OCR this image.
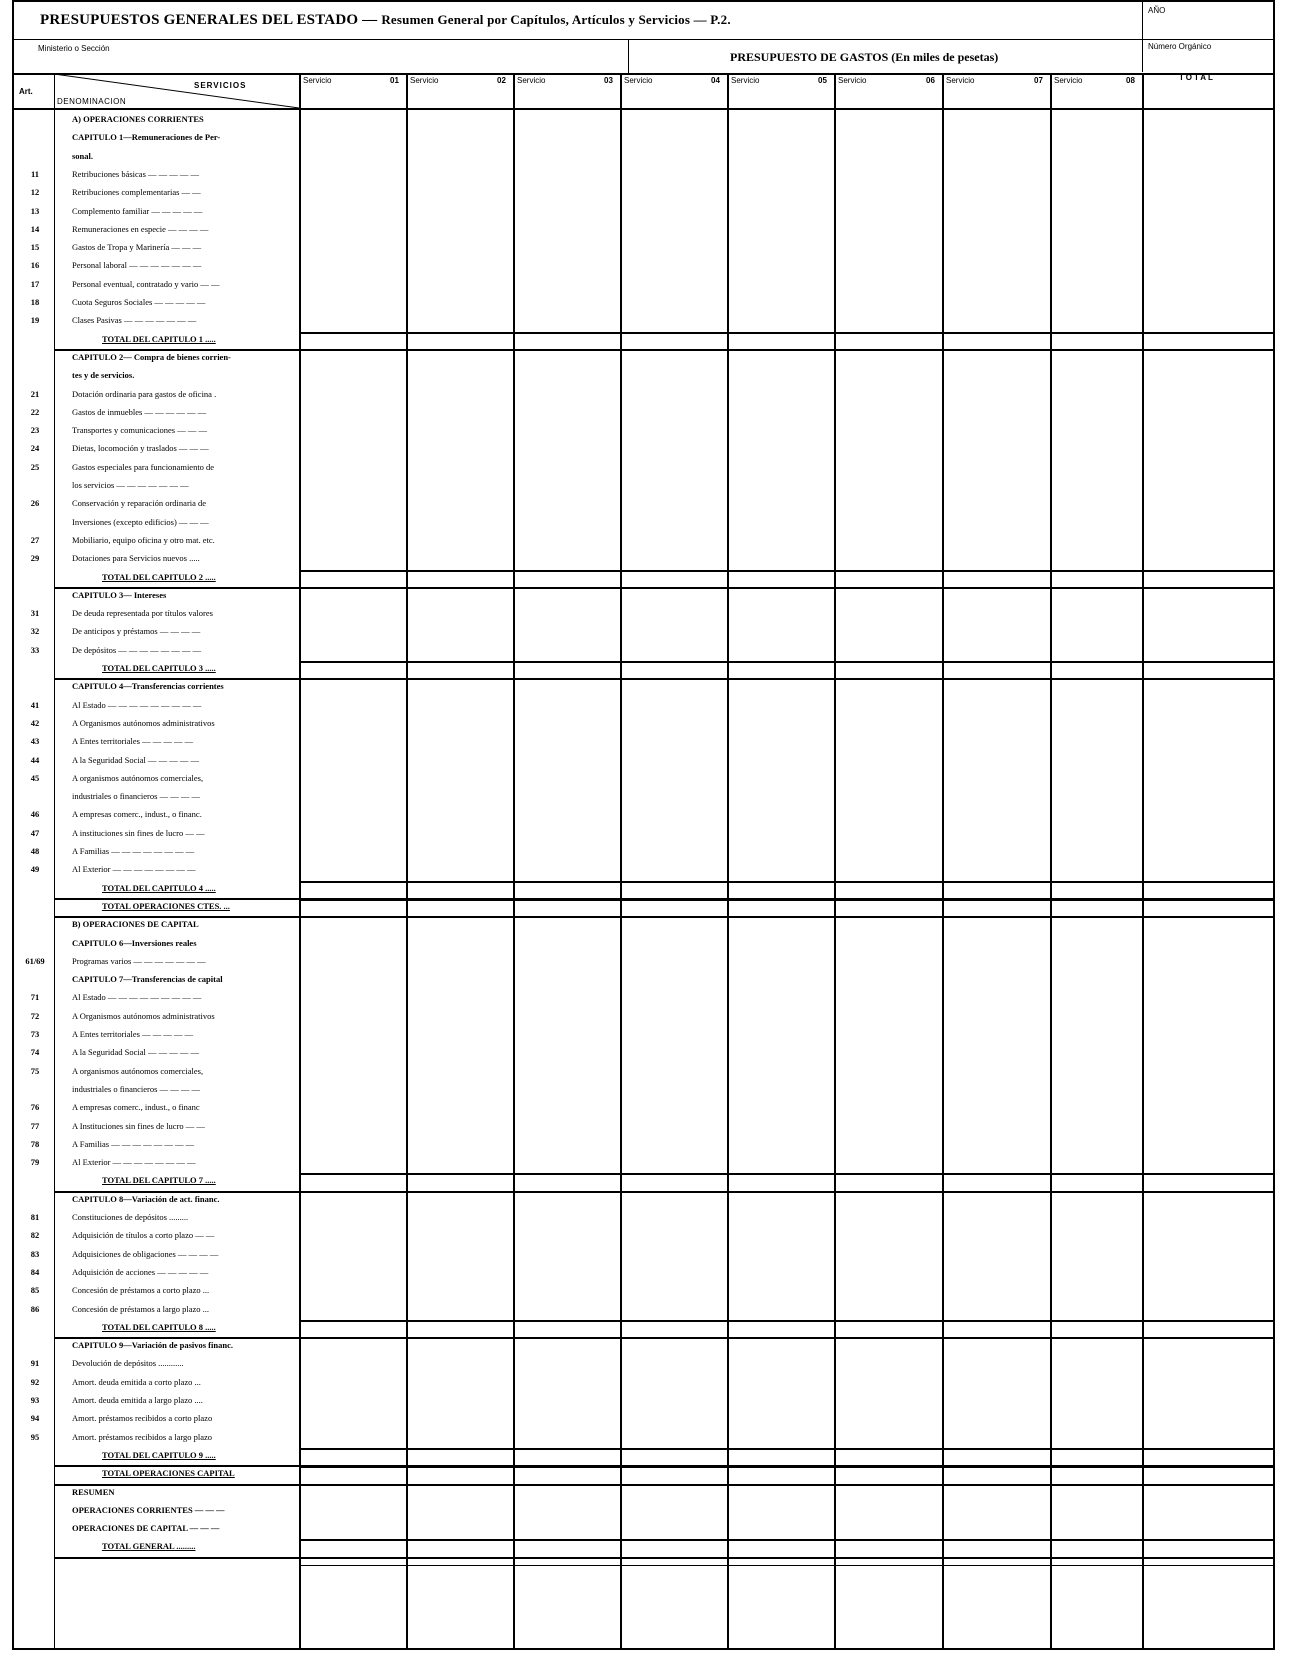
PRESUPUESTOS GENERALES DEL ESTADO — Resumen General por Capítulos, Artículos y Servicios — P.2.
AÑO
Ministerio o Sección
PRESUPUESTO DE GASTOS (En miles de pesetas)
Número Orgánico
Art.
SERVICIOS
DENOMINACION
TOTAL
A) OPERACIONES CORRIENTES
CAPITULO 1—Remuneraciones de Per-
sonal.
11	Retribuciones básicas — — — — —
12	Retribuciones complementarias — —
13	Complemento familiar — — — — —
14	Remuneraciones en especie — — — —
15	Gastos de Tropa y Marinería — — —
16	Personal laboral — — — — — — —
17	Personal eventual, contratado y vario — —
18	Cuota Seguros Sociales — — — — —
19	Clases Pasivas — — — — — — —
TOTAL DEL CAPITULO 1 .....
CAPITULO 2— Compra de bienes corrien-
tes y de servicios.
21	Dotación ordinaria para gastos de oficina .
22	Gastos de inmuebles — — — — — —
23	Transportes y comunicaciones — — —
24	Dietas, locomoción y traslados — — —
25	Gastos especiales para funcionamiento de
los servicios — — — — — — —
26	Conservación y reparación ordinaria de
Inversiones (excepto edificios) — — —
27	Mobiliario, equipo oficina y otro mat. etc.
29	Dotaciones para Servicios nuevos .....
TOTAL DEL CAPITULO 2 .....
CAPITULO 3— Intereses
31	De deuda representada por títulos valores
32	De anticipos y préstamos — — — —
33	De depósitos — — — — — — — —
TOTAL DEL CAPITULO 3 .....
CAPITULO 4—Transferencias corrientes
41	Al Estado — — — — — — — — —
42	A Organismos autónomos administrativos
43	A Entes territoriales — — — — —
44	A la Seguridad Social — — — — —
45	A organismos autónomos comerciales,
industriales o financieros — — — —
46	A empresas comerc., indust., o financ.
47	A instituciones sin fines de lucro — —
48	A Familias — — — — — — — —
49	Al Exterior — — — — — — — —
TOTAL DEL CAPITULO 4 .....
TOTAL OPERACIONES CTES. ...
B) OPERACIONES DE CAPITAL
CAPITULO 6—Inversiones reales
61/69	Programas varios — — — — — — —
CAPITULO 7—Transferencias de capital
71	Al Estado — — — — — — — — —
72	A Organismos autónomos administrativos
73	A Entes territoriales — — — — —
74	A la Seguridad Social — — — — —
75	A organismos autónomos comerciales,
industriales o financieros — — — —
76	A empresas comerc., indust., o financ
77	A Instituciones sin fines de lucro — —
78	A Familias — — — — — — — —
79	Al Exterior — — — — — — — —
TOTAL DEL CAPITULO 7 .....
CAPITULO 8—Variación de act. financ.
81	Constituciones de depósitos .........
82	Adquisición de títulos a corto plazo — —
83	Adquisiciones de obligaciones — — — —
84	Adquisición de acciones — — — — —
85	Concesión de préstamos a corto plazo ...
86	Concesión de préstamos a largo plazo ...
TOTAL DEL CAPITULO 8 .....
CAPITULO 9—Variación de pasivos financ.
91	Devolución de depósitos ............
92	Amort. deuda emitida a corto plazo ...
93	Amort. deuda emitida a largo plazo ....
94	Amort. préstamos recibidos a corto plazo
95	Amort. préstamos recibidos a largo plazo
TOTAL DEL CAPITULO 9 .....
TOTAL OPERACIONES CAPITAL
RESUMEN
OPERACIONES CORRIENTES — — —
OPERACIONES DE CAPITAL — — —
TOTAL GENERAL .........
Servicio	01 Servicio	02 Servicio	03 Servicio	04 Servicio	05 Servicio	06 Servicio	07 Servicio	08
